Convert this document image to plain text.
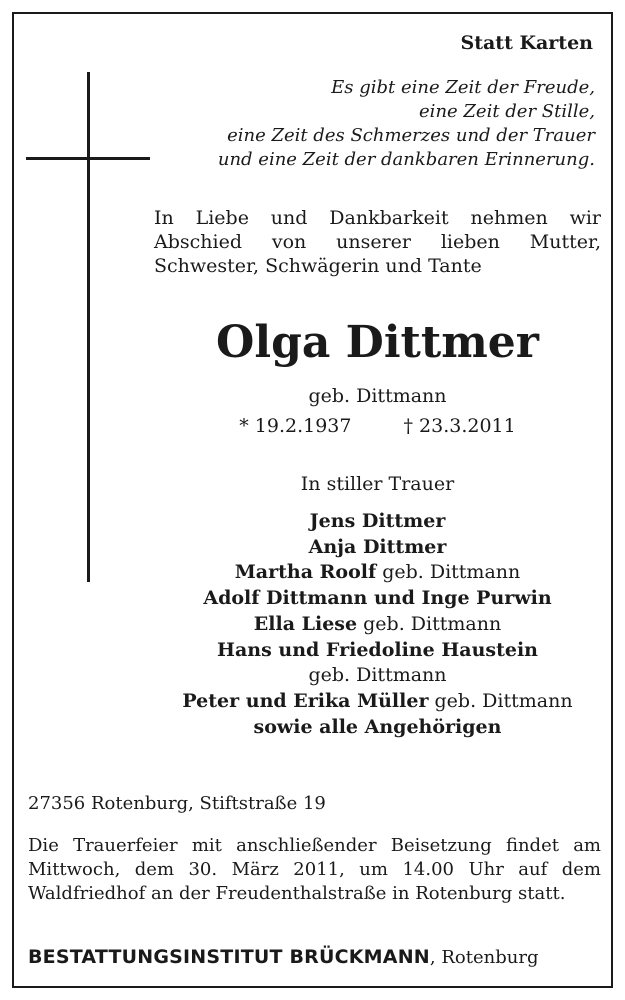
Statt Karten
Es gibt eine Zeit der Freude,
eine Zeit der Stille,
eine Zeit des Schmerzes und der Trauer
und eine Zeit der dankbaren Erinnerung.
In Liebe und Dankbarkeit nehmen wir Abschied von unserer lieben Mutter, Schwester, Schwägerin und Tante
Olga Dittmer
geb. Dittmann
* 19.2.1937	† 23.3.2011
In stiller Trauer
Jens Dittmer
Anja Dittmer
Martha Roolf geb. Dittmann
Adolf Dittmann und Inge Purwin
Ella Liese geb. Dittmann
Hans und Friedoline Haustein
geb. Dittmann
Peter und Erika Müller geb. Dittmann
sowie alle Angehörigen
27356 Rotenburg, Stiftstraße 19
Die Trauerfeier mit anschließender Beisetzung findet am
Mittwoch, dem 30. März 2011, um 14.00 Uhr auf dem
Waldfriedhof an der Freudenthalstraße in Rotenburg statt.
BESTATTUNGSINSTITUT BRÜCKMANN, Rotenburg
